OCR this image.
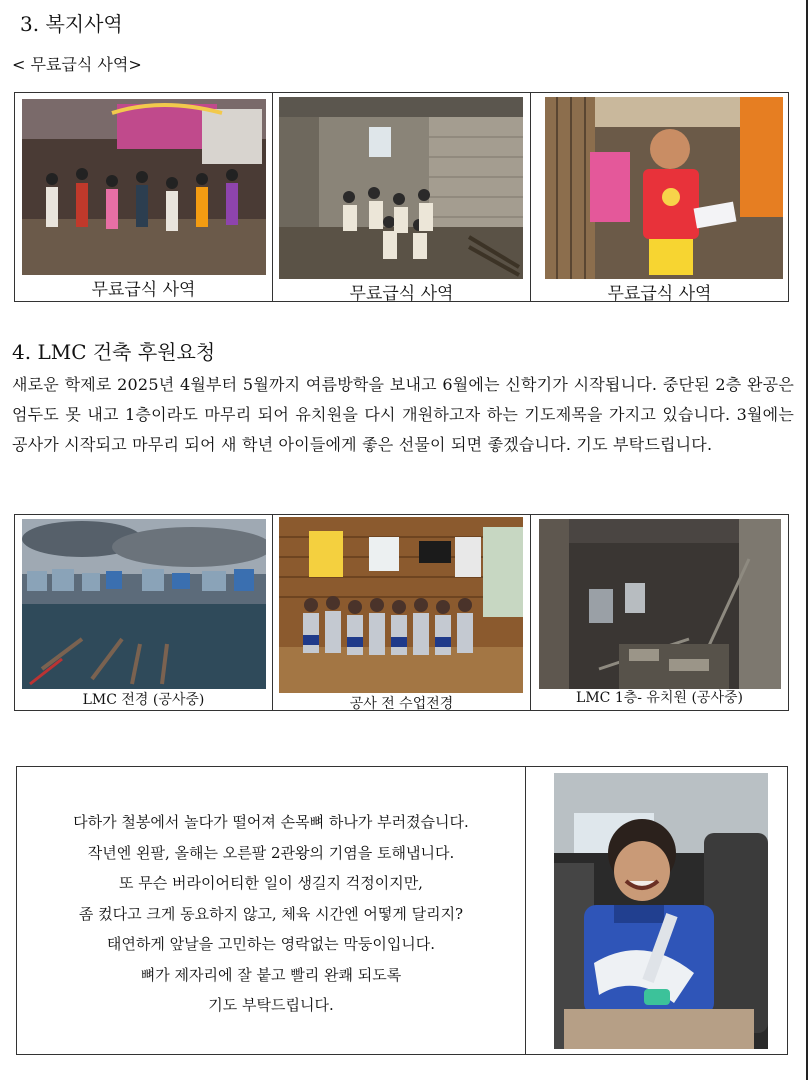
3. 복지사역
< 무료급식 사역>
무료급식 사역	무료급식 사역	무료급식 사역
4. LMC 건축 후원요청
새로운 학제로 2025년 4월부터 5월까지 여름방학을 보내고 6월에는 신학기가 시작됩니다. 중단된 2층 완공은 엄두도 못 내고 1층이라도 마무리 되어 유치원을 다시 개원하고자 하는 기도제목을 가지고 있습니다. 3월에는 공사가 시작되고 마무리 되어 새 학년 아이들에게 좋은 선물이 되면 좋겠습니다. 기도 부탁드립니다.
LMC 전경 (공사중)	공사 전 수업전경	LMC 1층- 유치원 (공사중)
다하가 철봉에서 놀다가 떨어져 손목뼈 하나가 부러졌습니다.
작년엔 왼팔, 올해는 오른팔 2관왕의 기염을 토해냅니다.
또 무슨 버라이어티한 일이 생길지 걱정이지만,
좀 컸다고 크게 동요하지 않고, 체육 시간엔 어떻게 달리지?
태연하게 앞날을 고민하는 영락없는 막둥이입니다.
뼈가 제자리에 잘 붙고 빨리 완쾌 되도록
기도 부탁드립니다.
